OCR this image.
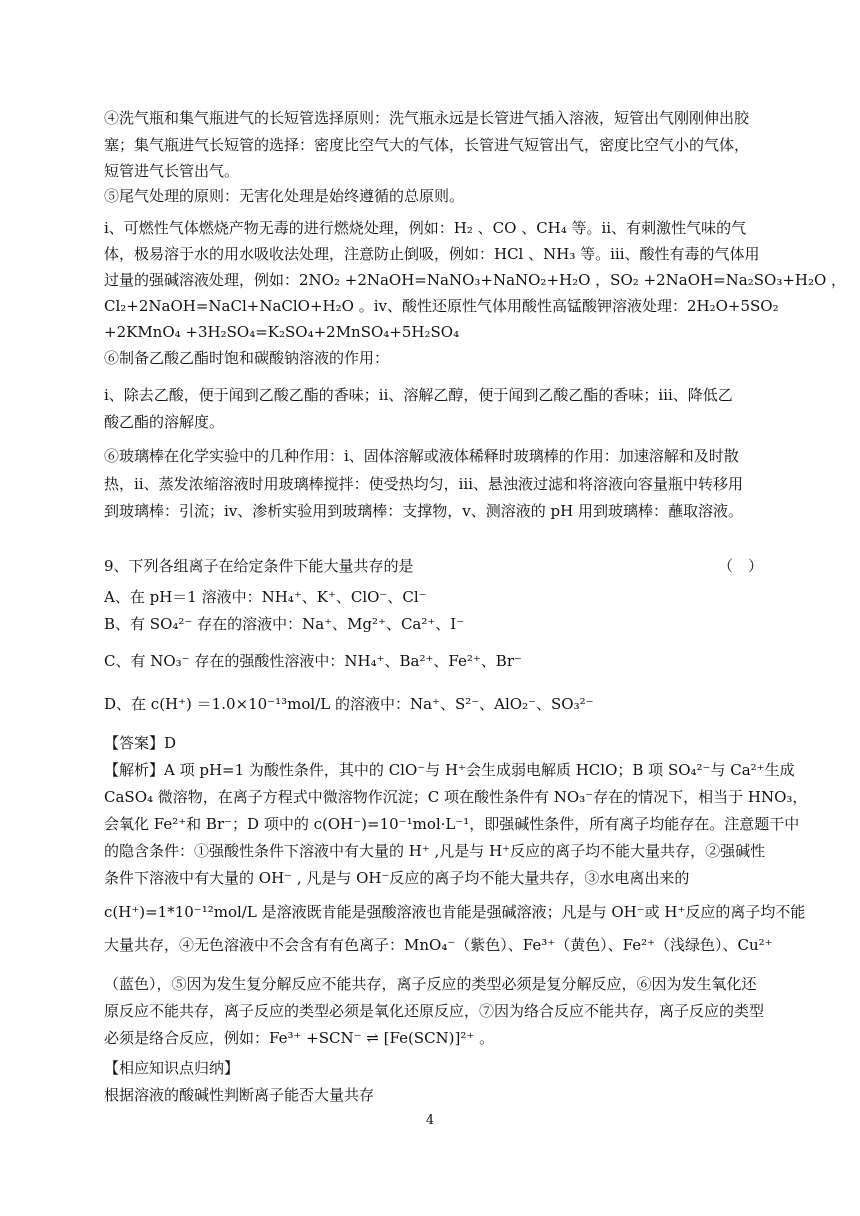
④洗气瓶和集气瓶进气的长短管选择原则：洗气瓶永远是长管进气插入溶液，短管出气刚刚伸出胶
塞；集气瓶进气长短管的选择：密度比空气大的气体，长管进气短管出气，密度比空气小的气体，
短管进气长管出气。
⑤尾气处理的原则：无害化处理是始终遵循的总原则。
ⅰ、可燃性气体燃烧产物无毒的进行燃烧处理，例如：H₂ 、CO 、CH₄ 等。ⅱ、有刺激性气味的气
体，极易溶于水的用水吸收法处理，注意防止倒吸，例如：HCl 、NH₃ 等。ⅲ、酸性有毒的气体用
过量的强碱溶液处理，例如：2NO₂ +2NaOH=NaNO₃+NaNO₂+H₂O ，SO₂ +2NaOH=Na₂SO₃+H₂O ，
Cl₂+2NaOH=NaCl+NaClO+H₂O 。ⅳ、酸性还原性气体用酸性高锰酸钾溶液处理：2H₂O+5SO₂
+2KMnO₄ +3H₂SO₄=K₂SO₄+2MnSO₄+5H₂SO₄
⑥制备乙酸乙酯时饱和碳酸钠溶液的作用：
ⅰ、除去乙酸，便于闻到乙酸乙酯的香味；ⅱ、溶解乙醇，便于闻到乙酸乙酯的香味；ⅲ、降低乙
酸乙酯的溶解度。
⑥玻璃棒在化学实验中的几种作用：ⅰ、固体溶解或液体稀释时玻璃棒的作用：加速溶解和及时散
热，ⅱ、蒸发浓缩溶液时用玻璃棒搅拌：使受热均匀，ⅲ、悬浊液过滤和将溶液向容量瓶中转移用
到玻璃棒：引流；ⅳ、渗析实验用到玻璃棒：支撑物，ⅴ、测溶液的 pH 用到玻璃棒：蘸取溶液。
9、下列各组离子在给定条件下能大量共存的是	（　）
A、在 pH＝1 溶液中：NH₄⁺、K⁺、ClO⁻、Cl⁻
B、有 SO₄²⁻ 存在的溶液中：Na⁺、Mg²⁺、Ca²⁺、I⁻
C、有 NO₃⁻ 存在的强酸性溶液中：NH₄⁺、Ba²⁺、Fe²⁺、Br⁻
D、在 c(H⁺) ＝1.0×10⁻¹³mol/L 的溶液中：Na⁺、S²⁻、AlO₂⁻、SO₃²⁻
【答案】D
【解析】A 项 pH=1 为酸性条件，其中的 ClO⁻与 H⁺会生成弱电解质 HClO；B 项 SO₄²⁻与 Ca²⁺生成
CaSO₄ 微溶物，在离子方程式中微溶物作沉淀；C 项在酸性条件有 NO₃⁻存在的情况下，相当于 HNO₃，
会氧化 Fe²⁺和 Br⁻；D 项中的 c(OH⁻)=10⁻¹mol·L⁻¹，即强碱性条件，所有离子均能存在。注意题干中
的隐含条件：①强酸性条件下溶液中有大量的 H⁺ ,凡是与 H⁺反应的离子均不能大量共存，②强碱性
条件下溶液中有大量的 OH⁻ , 凡是与 OH⁻反应的离子均不能大量共存，③水电离出来的
c(H⁺)=1*10⁻¹²mol/L 是溶液既肯能是强酸溶液也肯能是强碱溶液；凡是与 OH⁻或 H⁺反应的离子均不能
大量共存，④无色溶液中不会含有有色离子：MnO₄⁻（紫色）、Fe³⁺（黄色）、Fe²⁺（浅绿色）、Cu²⁺
（蓝色），⑤因为发生复分解反应不能共存，离子反应的类型必须是复分解反应，⑥因为发生氧化还
原反应不能共存，离子反应的类型必须是氧化还原反应，⑦因为络合反应不能共存，离子反应的类型
必须是络合反应，例如：Fe³⁺ +SCN⁻ ⇌ [Fe(SCN)]²⁺ 。
【相应知识点归纳】
根据溶液的酸碱性判断离子能否大量共存
4
